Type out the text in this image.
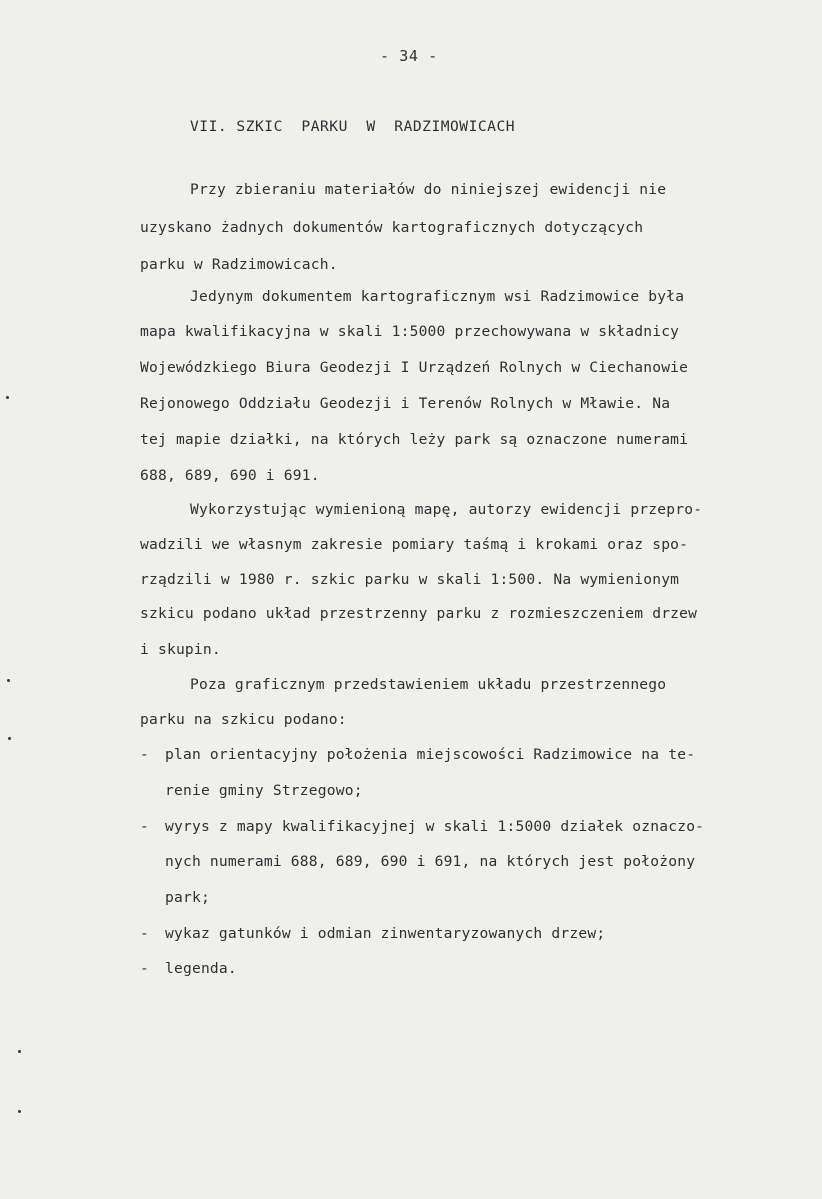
- 34 -
VII. SZKIC  PARKU  W  RADZIMOWICACH
Przy zbieraniu materiałów do niniejszej ewidencji nie
uzyskano żadnych dokumentów kartograficznych dotyczących
parku w Radzimowicach.
Jedynym dokumentem kartograficznym wsi Radzimowice była
mapa kwalifikacyjna w skali 1:5000 przechowywana w składnicy
Wojewódzkiego Biura Geodezji I Urządzeń Rolnych w Ciechanowie
Rejonowego Oddziału Geodezji i Terenów Rolnych w Mławie. Na
tej mapie działki, na których leży park są oznaczone numerami
688, 689, 690 i 691.
Wykorzystując wymienioną mapę, autorzy ewidencji przepro-
wadzili we własnym zakresie pomiary taśmą i krokami oraz spo-
rządzili w 1980 r. szkic parku w skali 1:500. Na wymienionym
szkicu podano układ przestrzenny parku z rozmieszczeniem drzew
i skupin.
Poza graficznym przedstawieniem układu przestrzennego
parku na szkicu podano:
- plan orientacyjny położenia miejscowości Radzimowice na te-
renie gminy Strzegowo;
- wyrys z mapy kwalifikacyjnej w skali 1:5000 działek oznaczo-
nych numerami 688, 689, 690 i 691, na których jest położony
park;
- wykaz gatunków i odmian zinwentaryzowanych drzew;
- legenda.
